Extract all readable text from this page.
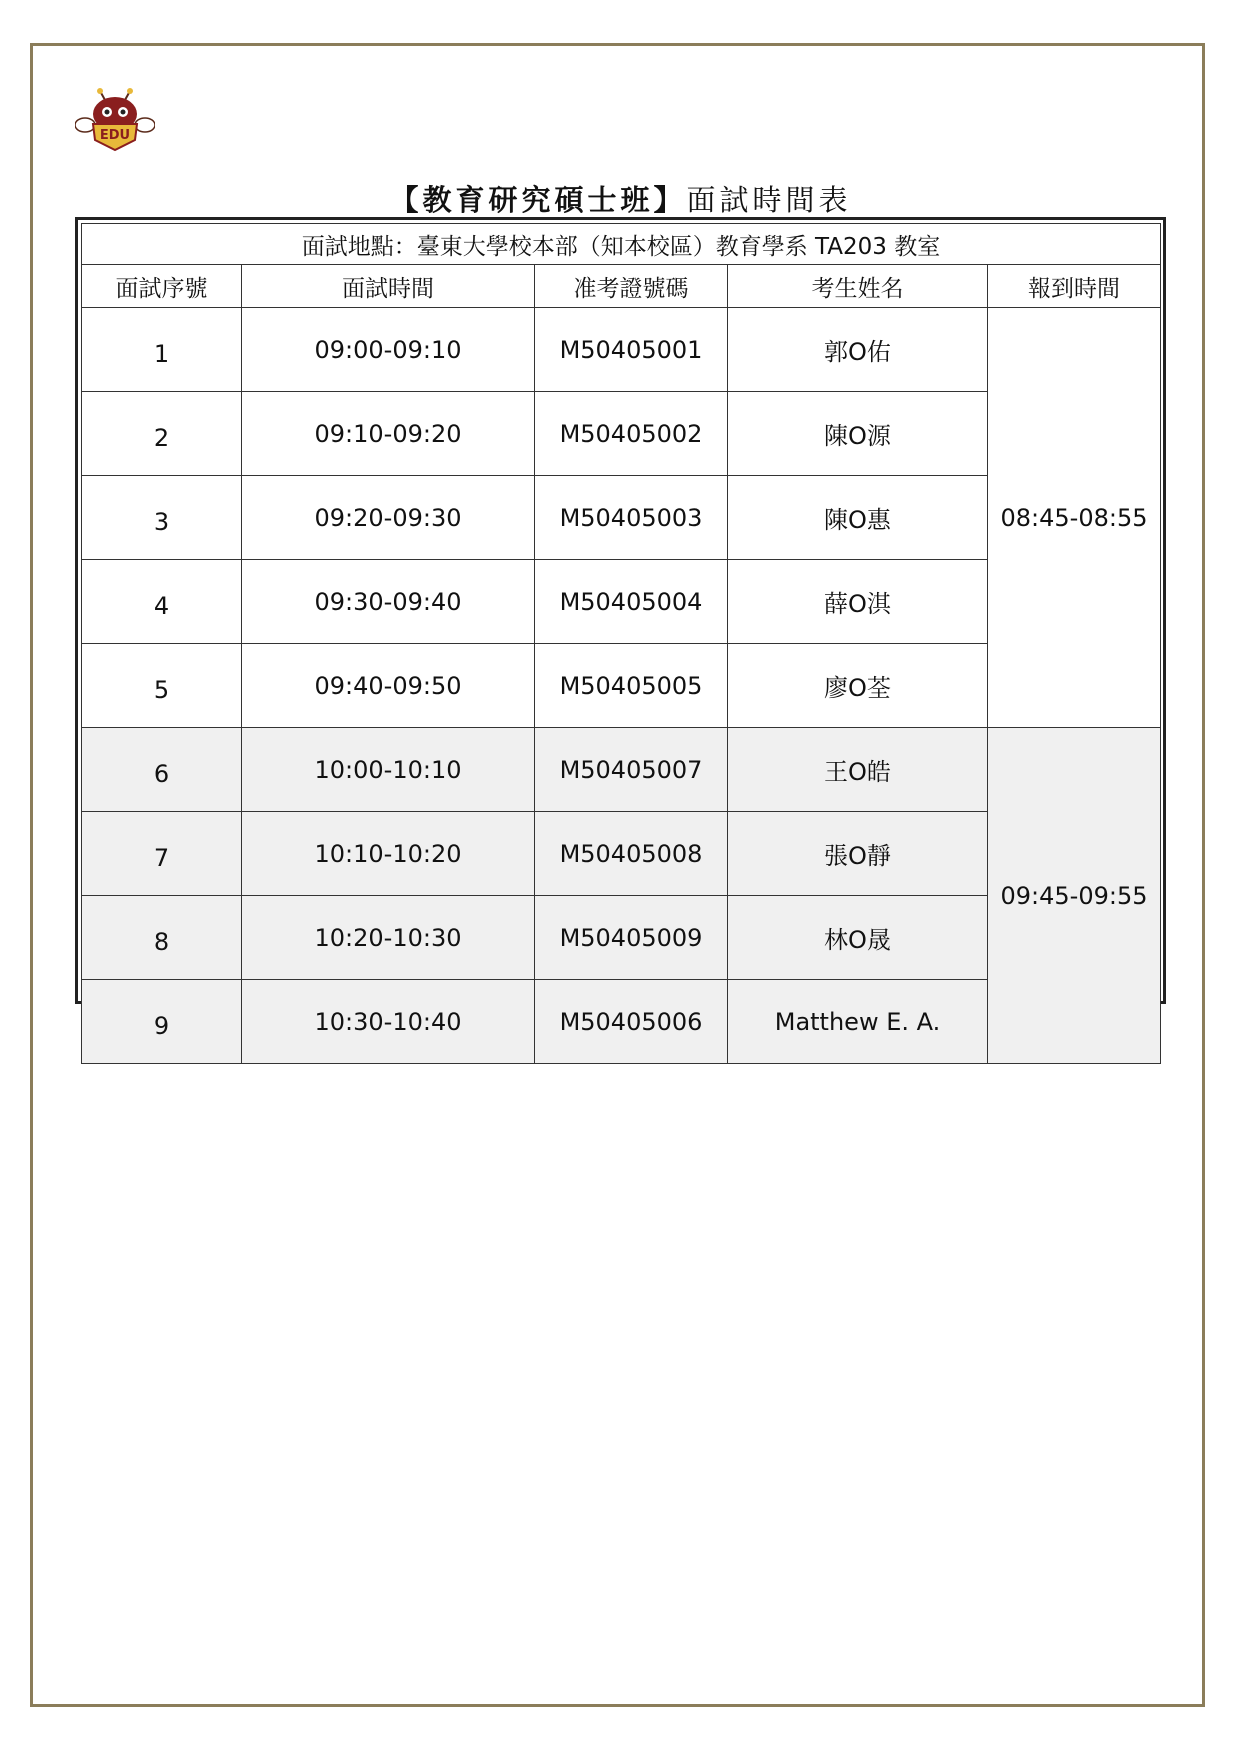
EDU
【教育研究碩士班】面試時間表
面試地點：臺東大學校本部（知本校區）教育學系 TA203 教室				
面試序號	面試時間	准考證號碼	考生姓名	報到時間
1	09:00-09:10	M50405001	郭O佑	08:45-08:55
2	09:10-09:20	M50405002	陳O源	
3	09:20-09:30	M50405003	陳O惠	
4	09:30-09:40	M50405004	薛O淇	
5	09:40-09:50	M50405005	廖O荃	
6	10:00-10:10	M50405007	王O皓	09:45-09:55
7	10:10-10:20	M50405008	張O靜	
8	10:20-10:30	M50405009	林O晟	
9	10:30-10:40	M50405006	Matthew E. A.	
